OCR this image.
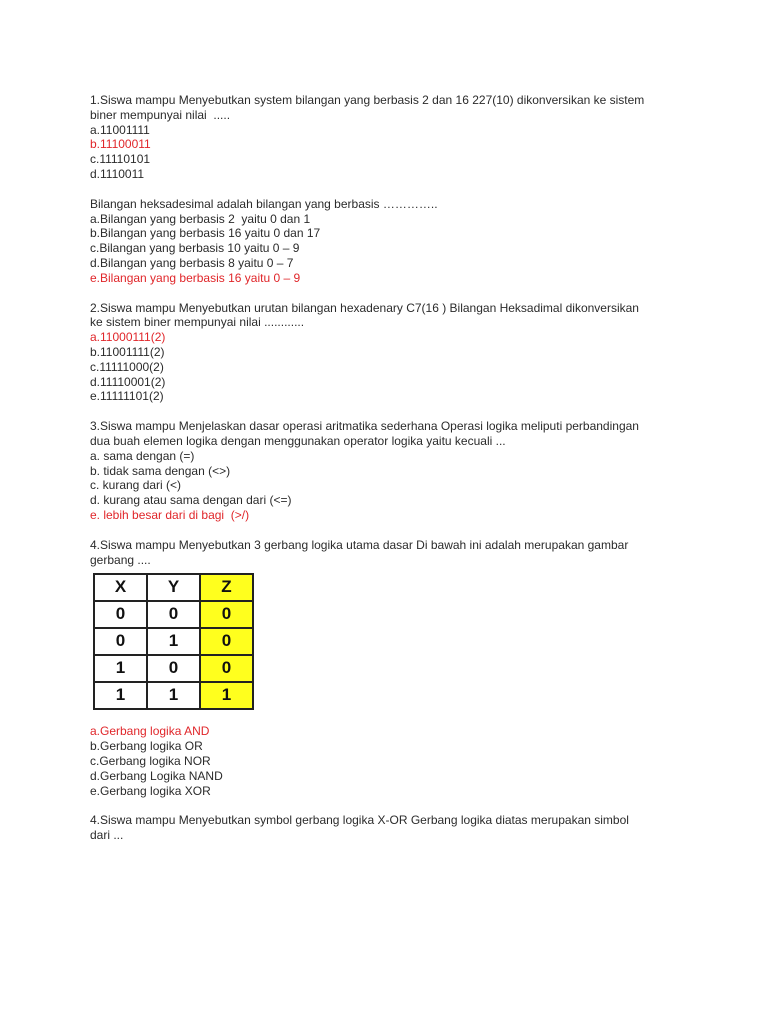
1.Siswa mampu Menyebutkan system bilangan yang berbasis 2 dan 16 227(10) dikonversikan ke sistem
biner mempunyai nilai  .....
a.11001111
b.11100011
c.11110101
d.1110011
Bilangan heksadesimal adalah bilangan yang berbasis …………..
a.Bilangan yang berbasis 2  yaitu 0 dan 1
b.Bilangan yang berbasis 16 yaitu 0 dan 17
c.Bilangan yang berbasis 10 yaitu 0 – 9
d.Bilangan yang berbasis 8 yaitu 0 – 7
e.Bilangan yang berbasis 16 yaitu 0 – 9
2.Siswa mampu Menyebutkan urutan bilangan hexadenary C7(16 ) Bilangan Heksadimal dikonversikan
ke sistem biner mempunyai nilai ............
a.11000111(2)
b.11001111(2)
c.11111000(2)
d.11110001(2)
e.11111101(2)
3.Siswa mampu Menjelaskan dasar operasi aritmatika sederhana Operasi logika meliputi perbandingan
dua buah elemen logika dengan menggunakan operator logika yaitu kecuali ...
a. sama dengan (=)
b. tidak sama dengan (<>)
c. kurang dari (<)
d. kurang atau sama dengan dari (<=)
e. lebih besar dari di bagi  (>/)
4.Siswa mampu Menyebutkan 3 gerbang logika utama dasar Di bawah ini adalah merupakan gambar
gerbang ....
X	Y	Z
0	0	0
0	1	0
1	0	0
1	1	1
a.Gerbang logika AND
b.Gerbang logika OR
c.Gerbang logika NOR
d.Gerbang Logika NAND
e.Gerbang logika XOR
4.Siswa mampu Menyebutkan symbol gerbang logika X-OR Gerbang logika diatas merupakan simbol
dari ...
